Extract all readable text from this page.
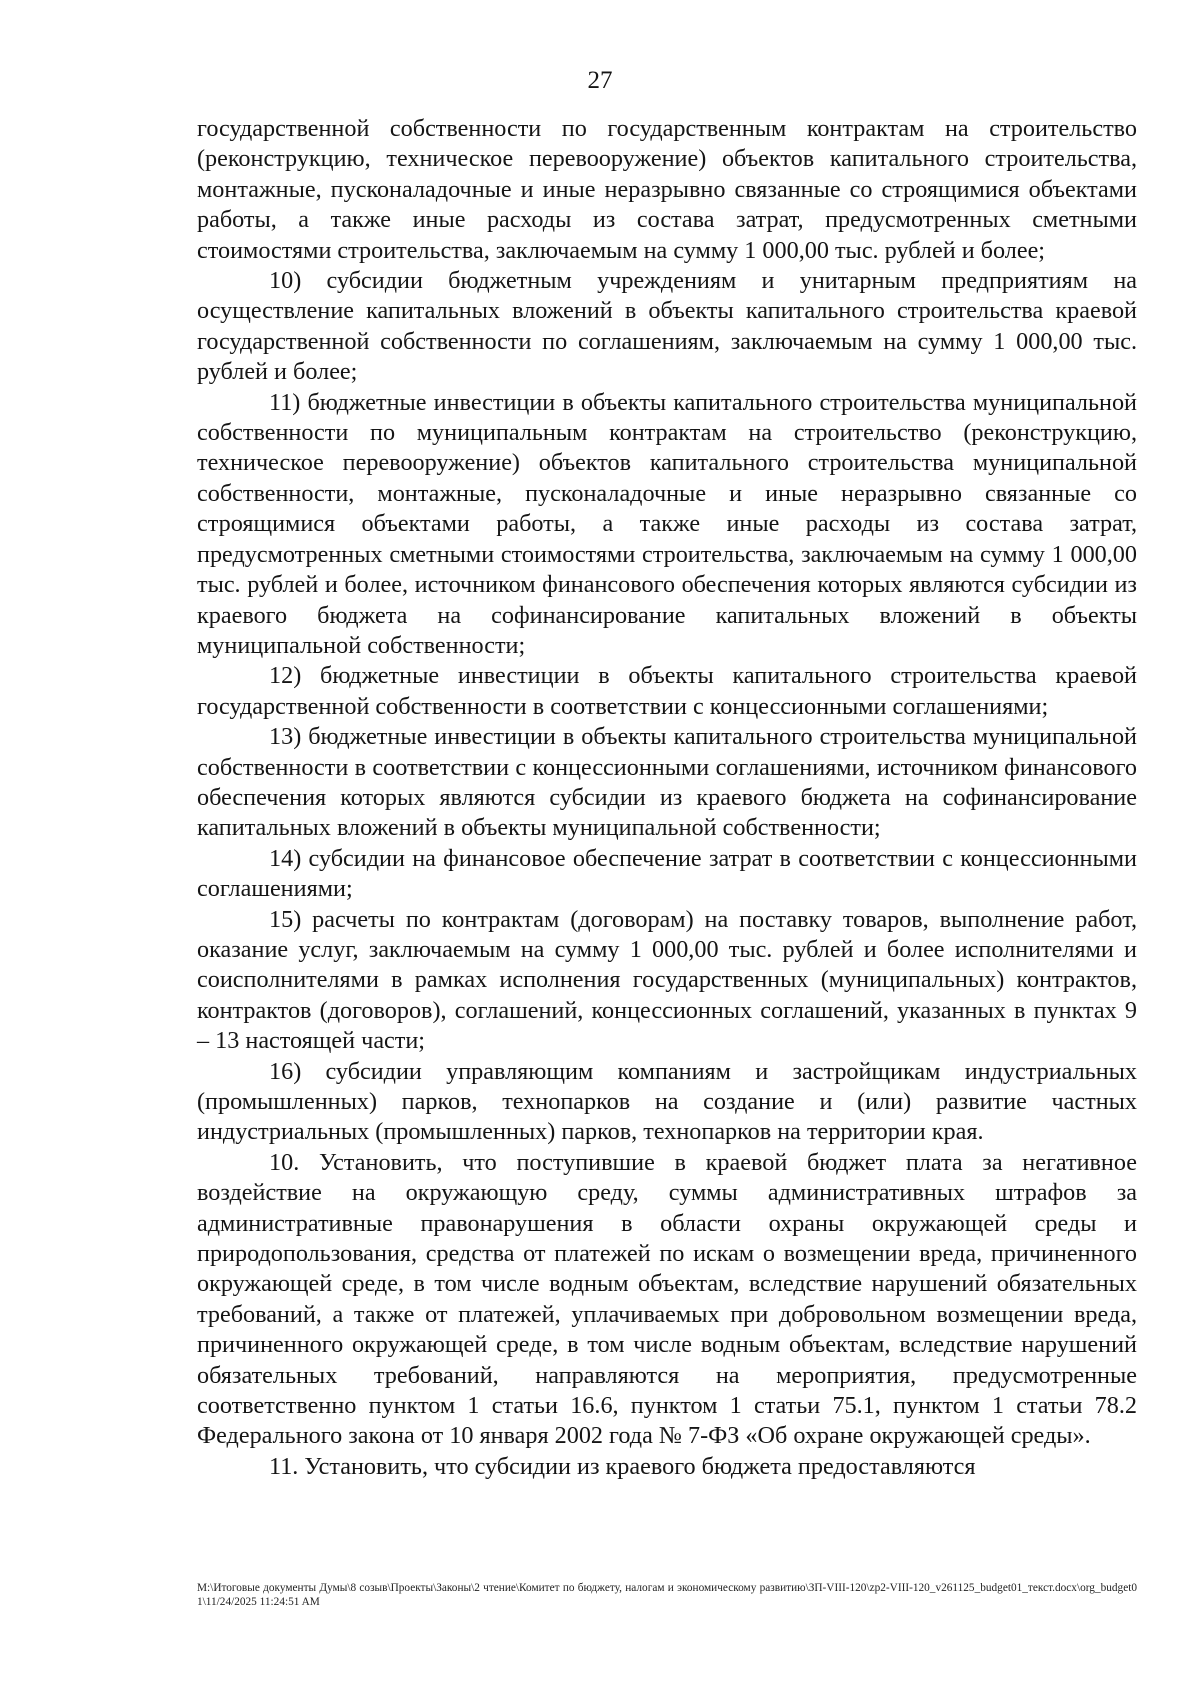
27

государственной собственности по государственным контрактам на строительство (реконструкцию, техническое перевооружение) объектов капитального строительства, монтажные, пусконаладочные и иные неразрывно связанные со строящимися объектами работы, а также иные расходы из состава затрат, предусмотренных сметными стоимостями строительства, заключаемым на сумму 1 000,00 тыс. рублей и более;

10) субсидии бюджетным учреждениям и унитарным предприятиям на осуществление капитальных вложений в объекты капитального строительства краевой государственной собственности по соглашениям, заключаемым на сумму 1 000,00 тыс. рублей и более;

11) бюджетные инвестиции в объекты капитального строительства муниципальной собственности по муниципальным контрактам на строительство (реконструкцию, техническое перевооружение) объектов капитального строительства муниципальной собственности, монтажные, пусконаладочные и иные неразрывно связанные со строящимися объектами работы, а также иные расходы из состава затрат, предусмотренных сметными стоимостями строительства, заключаемым на сумму 1 000,00 тыс. рублей и более, источником финансового обеспечения которых являются субсидии из краевого бюджета на софинансирование капитальных вложений в объекты муниципальной собственности;

12) бюджетные инвестиции в объекты капитального строительства краевой государственной собственности в соответствии с концессионными соглашениями;

13) бюджетные инвестиции в объекты капитального строительства муниципальной собственности в соответствии с концессионными соглашениями, источником финансового обеспечения которых являются субсидии из краевого бюджета на софинансирование капитальных вложений в объекты муниципальной собственности;

14) субсидии на финансовое обеспечение затрат в соответствии с концессионными соглашениями;

15) расчеты по контрактам (договорам) на поставку товаров, выполнение работ, оказание услуг, заключаемым на сумму 1 000,00 тыс. рублей и более исполнителями и соисполнителями в рамках исполнения государственных (муниципальных) контрактов, контрактов (договоров), соглашений, концессионных соглашений, указанных в пунктах 9 – 13 настоящей части;

16) субсидии управляющим компаниям и застройщикам индустриальных (промышленных) парков, технопарков на создание и (или) развитие частных индустриальных (промышленных) парков, технопарков на территории края.

10. Установить, что поступившие в краевой бюджет плата за негативное воздействие на окружающую среду, суммы административных штрафов за административные правонарушения в области охраны окружающей среды и природопользования, средства от платежей по искам о возмещении вреда, причиненного окружающей среде, в том числе водным объектам, вследствие нарушений обязательных требований, а также от платежей, уплачиваемых при добровольном возмещении вреда, причиненного окружающей среде, в том числе водным объектам, вследствие нарушений обязательных требований, направляются на мероприятия, предусмотренные соответственно пунктом 1 статьи 16.6, пунктом 1 статьи 75.1, пунктом 1 статьи 78.2 Федерального закона от 10 января 2002 года № 7-ФЗ «Об охране окружающей среды».

11. Установить, что субсидии из краевого бюджета предоставляются

M:\Итоговые документы Думы\8 созыв\Проекты\Законы\2 чтение\Комитет по бюджету, налогам и экономическому развитию\ЗП-VIII-120\zp2-VIII-120_v261125_budget01_текст.docx\org_budget01\11/24/2025 11:24:51 AM
